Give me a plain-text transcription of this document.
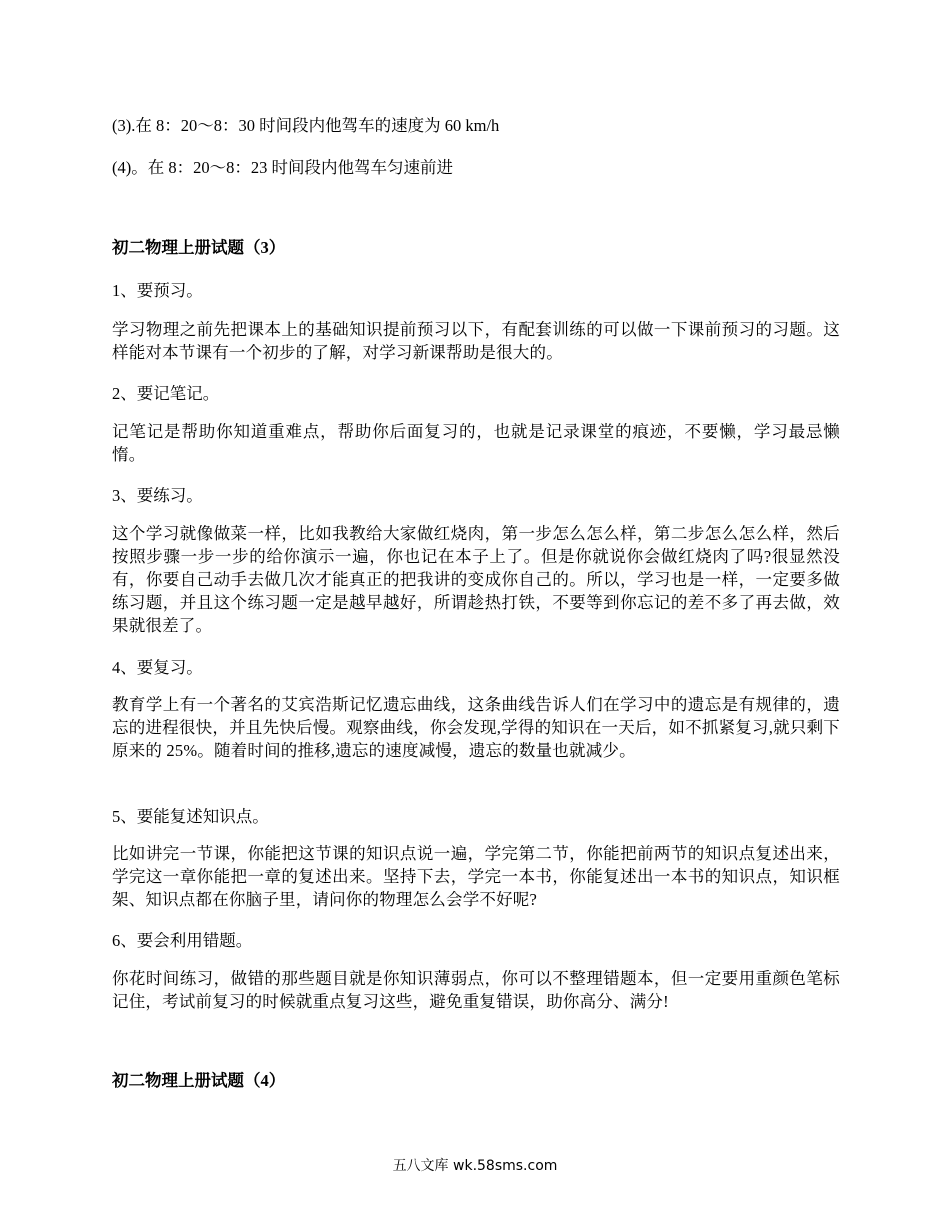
(3).在 8：20～8：30 时间段内他驾车的速度为 60 km/h
(4)。在 8：20～8：23 时间段内他驾车匀速前进
初二物理上册试题（3）
1、要预习。
学习物理之前先把课本上的基础知识提前预习以下，有配套训练的可以做一下课前预习的习题。这样能对本节课有一个初步的了解，对学习新课帮助是很大的。
2、要记笔记。
记笔记是帮助你知道重难点，帮助你后面复习的，也就是记录课堂的痕迹，不要懒，学习最忌懒惰。
3、要练习。
这个学习就像做菜一样，比如我教给大家做红烧肉，第一步怎么怎么样，第二步怎么怎么样，然后按照步骤一步一步的给你演示一遍，你也记在本子上了。但是你就说你会做红烧肉了吗?很显然没有，你要自己动手去做几次才能真正的把我讲的变成你自己的。所以，学习也是一样，一定要多做练习题，并且这个练习题一定是越早越好，所谓趁热打铁，不要等到你忘记的差不多了再去做，效果就很差了。
4、要复习。
教育学上有一个著名的艾宾浩斯记忆遗忘曲线，这条曲线告诉人们在学习中的遗忘是有规律的，遗忘的进程很快，并且先快后慢。观察曲线，你会发现,学得的知识在一天后，如不抓紧复习,就只剩下原来的 25%。随着时间的推移,遗忘的速度减慢，遗忘的数量也就减少。
5、要能复述知识点。
比如讲完一节课，你能把这节课的知识点说一遍，学完第二节，你能把前两节的知识点复述出来，学完这一章你能把一章的复述出来。坚持下去，学完一本书，你能复述出一本书的知识点，知识框架、知识点都在你脑子里，请问你的物理怎么会学不好呢?
6、要会利用错题。
你花时间练习，做错的那些题目就是你知识薄弱点，你可以不整理错题本，但一定要用重颜色笔标记住，考试前复习的时候就重点复习这些，避免重复错误，助你高分、满分!
初二物理上册试题（4）
五八文库 wk.58sms.com
